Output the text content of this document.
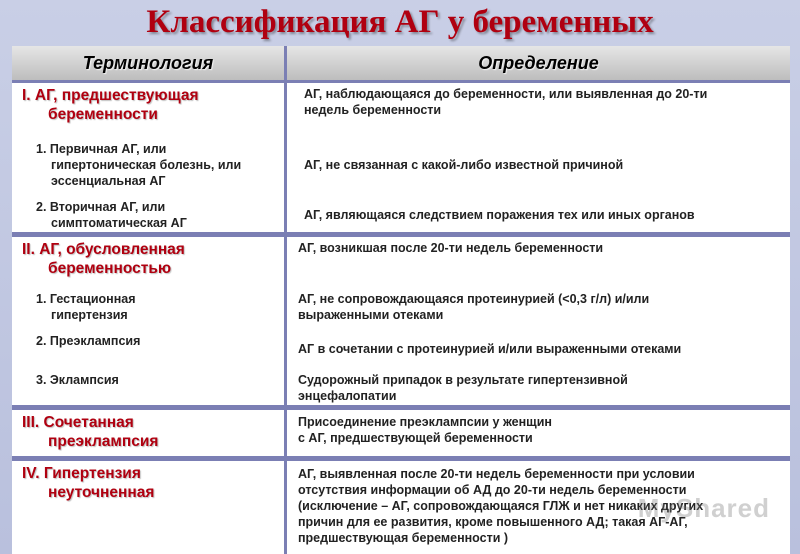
Классификация АГ у беременных
Терминология	Определение
I. АГ, предшествующая
беременности
АГ, наблюдающаяся до беременности, или выявленная до 20-ти
недель беременности
1. Первичная АГ, или
гипертоническая болезнь, или
эссенциальная АГ
АГ, не связанная с какой-либо известной причиной
2. Вторичная АГ, или
симптоматическая АГ
АГ, являющаяся следствием поражения тех или иных органов
II. АГ, обусловленная
беременностью
АГ, возникшая после 20-ти недель беременности
1. Гестационная
гипертензия
АГ, не сопровождающаяся протеинурией (<0,3 г/л) и/или
выраженными отеками
2. Преэклампсия
АГ в сочетании с протеинурией и/или выраженными отеками
3. Эклампсия	Судорожный припадок в результате гипертензивной
энцефалопатии
III. Сочетанная
преэклампсия
Присоединение преэклампсии у женщин
с АГ, предшествующей беременности
IV. Гипертензия
неуточненная
АГ, выявленная после 20-ти недель беременности при условии
отсутствия информации об АД до 20-ти недель беременности
(исключение – АГ, сопровождающаяся ГЛЖ и нет никаких других
причин для ее развития, кроме повышенного АД; такая АГ-АГ,
предшествующая беременности )
MyShared
